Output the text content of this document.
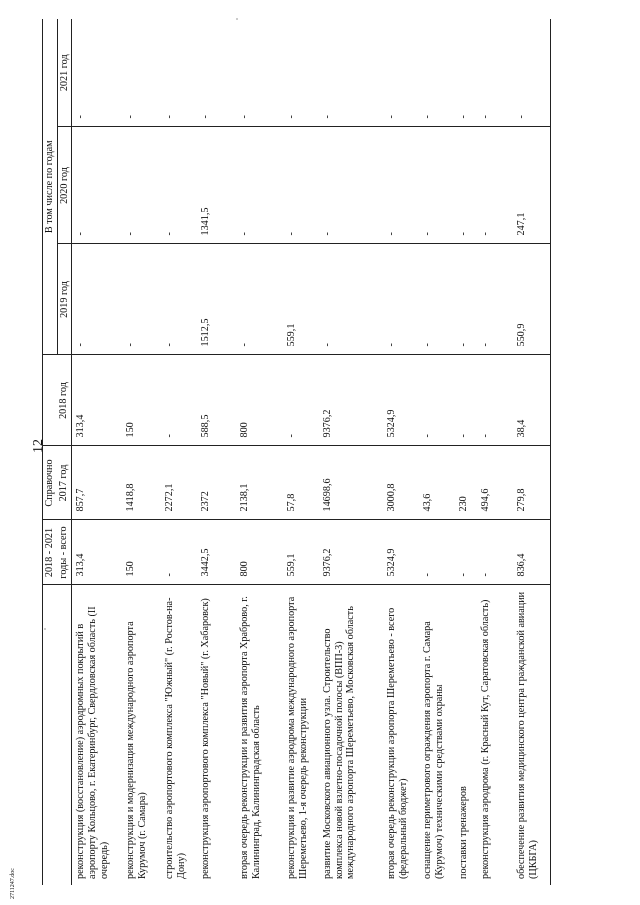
2711247.doc
12
	2018 - 2021	Справочно		В том числе по годам		
	годы - всего	2017 год	2018 год	2019 год	2020 год	2021 год
реконструкция (восстановление) аэродромных покрытий в аэропорту Кольцово, г. Екатеринбург, Свердловская область (II очередь)	313,4	857,7	313,4	-	-	-
реконструкция и модернизация международного аэропорта Курумоч (г. Самара)	150	1418,8	150	-	-	-
строительство аэропортового комплекса "Южный" (г. Ростов-на-Дону)	-	2272,1	-	-	-	-
реконструкция аэропортового комплекса "Новый" (г. Хабаровск)	3442,5	2372	588,5	1512,5	1341,5	-
вторая очередь реконструкции и развития аэропорта Храброво, г. Калининград, Калининградская область	800	2138,1	800	-	-	-
реконструкция и развитие аэродрома международного аэропорта Шереметьево, 1-я очередь реконструкции	559,1	57,8	-	559,1	-	-
развитие Московского авиационного узла. Строительство комплекса новой взлетно-посадочной полосы (ВПП-3) международного аэропорта Шереметьево, Московская область	9376,2	14698,6	9376,2	-	-	-
вторая очередь реконструкции аэропорта Шереметьево - всего (федеральный бюджет)	5324,9	3000,8	5324,9	-	-	-
оснащение периметрового ограждения аэропорта г. Самара (Курумоч) техническими средствами охраны	-	43,6	-	-	-	-
поставки тренажеров	-	230	-	-	-	-
реконструкция аэродрома (г. Красный Кут, Саратовская область)	-	494,6	-	-	-	-
обеспечение развития медицинского центра гражданской авиации (ЦКБГА)	836,4	279,8	38,4	550,9	247,1	-
